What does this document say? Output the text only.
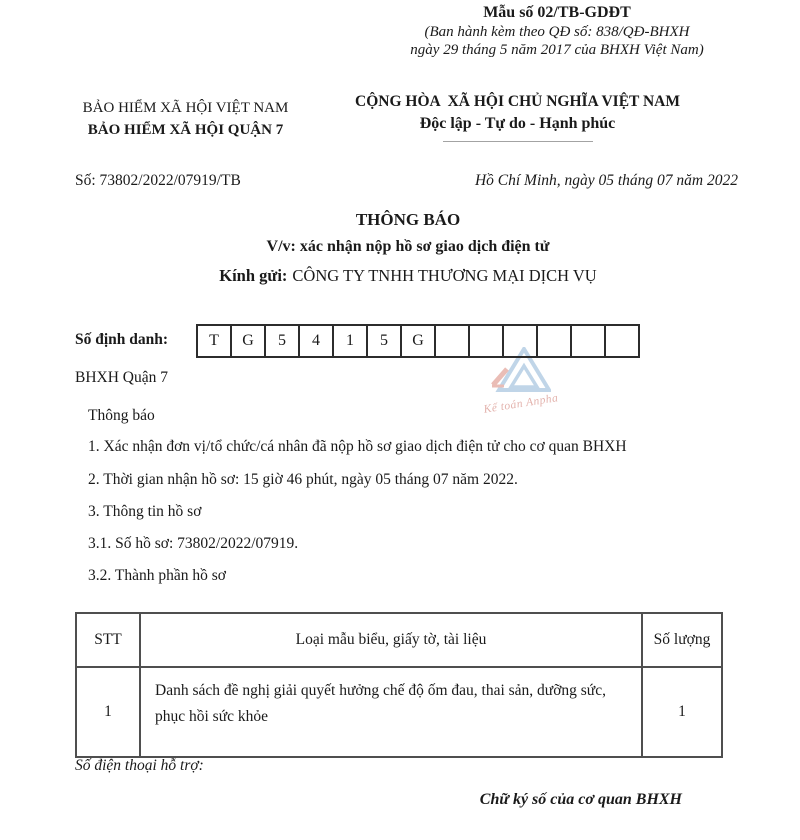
Mẫu số 02/TB-GDĐT
(Ban hành kèm theo QĐ số: 838/QĐ-BHXH
ngày 29 tháng 5 năm 2017 của BHXH Việt Nam)
BẢO HIỂM XÃ HỘI VIỆT NAM
BẢO HIỂM XÃ HỘI QUẬN 7
CỘNG HÒA  XÃ HỘI CHỦ NGHĨA VIỆT NAM
Độc lập - Tự do - Hạnh phúc
Số: 73802/2022/07919/TB	Hồ Chí Minh, ngày 05 tháng 07 năm 2022
THÔNG BÁO
V/v: xác nhận nộp hồ sơ giao dịch điện tử
Kính gửi: CÔNG TY TNHH THƯƠNG MẠI DỊCH VỤ
Số định danh:	T	G	5	4	1	5	G
Kế toán Anpha
BHXH Quận 7
Thông báo
1. Xác nhận đơn vị/tổ chức/cá nhân đã nộp hồ sơ giao dịch điện tử cho cơ quan BHXH
2. Thời gian nhận hồ sơ: 15 giờ 46 phút, ngày 05 tháng 07 năm 2022.
3. Thông tin hồ sơ
3.1. Số hồ sơ: 73802/2022/07919.
3.2. Thành phần hồ sơ
STT	Loại mẫu biểu, giấy tờ, tài liệu	Số lượng
1	Danh sách đề nghị giải quyết hưởng chế độ ốm đau, thai sản, dưỡng sức, phục hồi sức khỏe	1
Số điện thoại hỗ trợ:
Chữ ký số của cơ quan BHXH
